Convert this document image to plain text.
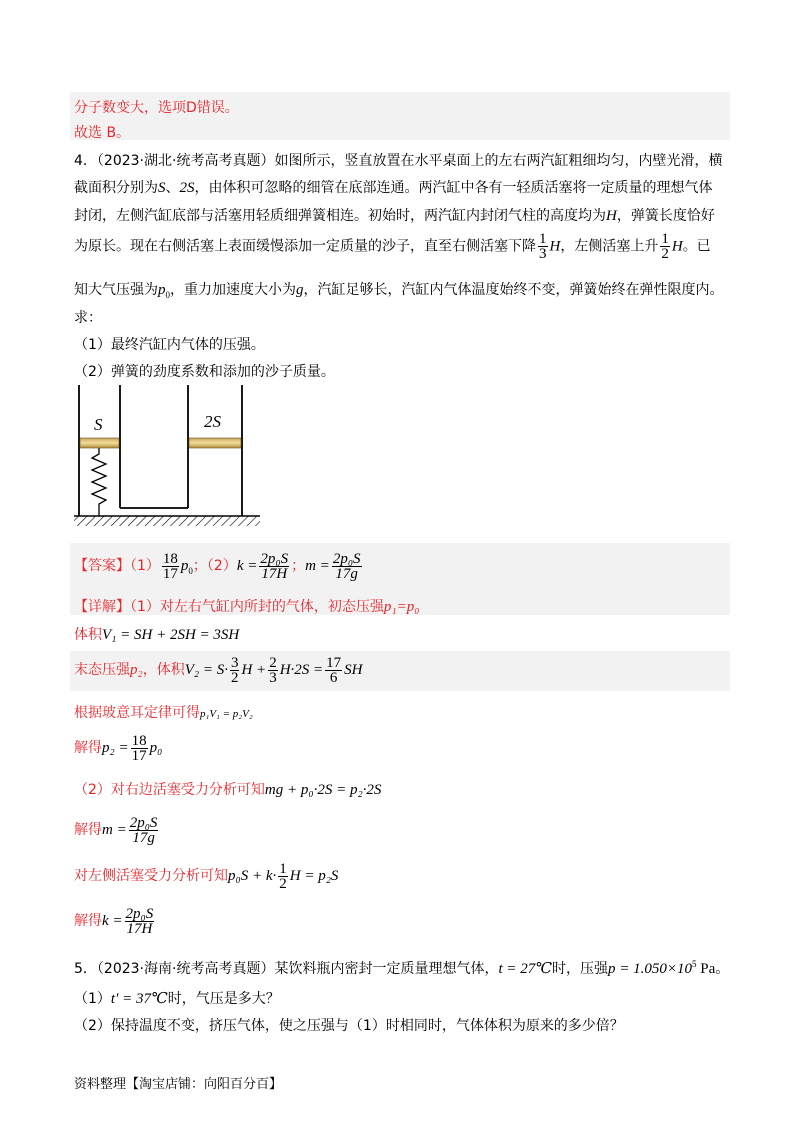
分子数变大，选项D错误。
故选 B。
4．（2023·湖北·统考高考真题）如图所示，竖直放置在水平桌面上的左右两汽缸粗细均匀，内壁光滑，横
截面积分别为S、2S，由体积可忽略的细管在底部连通。两汽缸中各有一轻质活塞将一定质量的理想气体
封闭，左侧汽缸底部与活塞用轻质细弹簧相连。初始时，两汽缸内封闭气柱的高度均为H，弹簧长度恰好
为原长。现在右侧活塞上表面缓慢添加一定质量的沙子，直至右侧活塞下降 $\frac{1}{3}$ H，左侧活塞上升 $\frac{1}{2}$ H。已
知大气压强为$p_0$，重力加速度大小为g，汽缸足够长，汽缸内气体温度始终不变，弹簧始终在弹性限度内。
求：
（1）最终汽缸内气体的压强。
（2）弹簧的劲度系数和添加的沙子质量。
S	2S
【答案】$(1) \frac{18}{17} p_0$；$(2)k = \frac{\text{2p₀S}}{17H}$ ；$m = \frac{\text{2p₀S}}{17g}$
【详解】（1）对左右气缸内所封的气体，初态压强p₁=p₀
体积V₁ = SH + 2SH = 3SH
末态压强p₂，体积$V_2 = S\cdot \frac{3}{2}$ $H + \frac{2}{3} H\cdot 2S = \frac{17}{6}$ SH
根据玻意耳定律可得p₁V₁ = p₂V₂
解得$p_2 = \frac{18}{17} p_0$
（2）对右边活塞受力分析可知mg + p₀·2S = p₂·2S
解得$m = \frac{\text{2p₀S}}{17g}$
对左侧活塞受力分析可知$p_0S + k\cdot \frac{1}{2}$ H = p₂S
解得$k = \frac{\text{2p₀S}}{17H}$
5．（2023·海南·统考高考真题）某饮料瓶内密封一定质量理想气体，t = 27℃时，压强$p = 1.050\times 10^5$ Pa。
（1）t′ = 37℃时，气压是多大？
（2）保持温度不变，挤压气体，使之压强与（1）时相同时，气体体积为原来的多少倍？
资料整理【淘宝店铺：向阳百分百】
